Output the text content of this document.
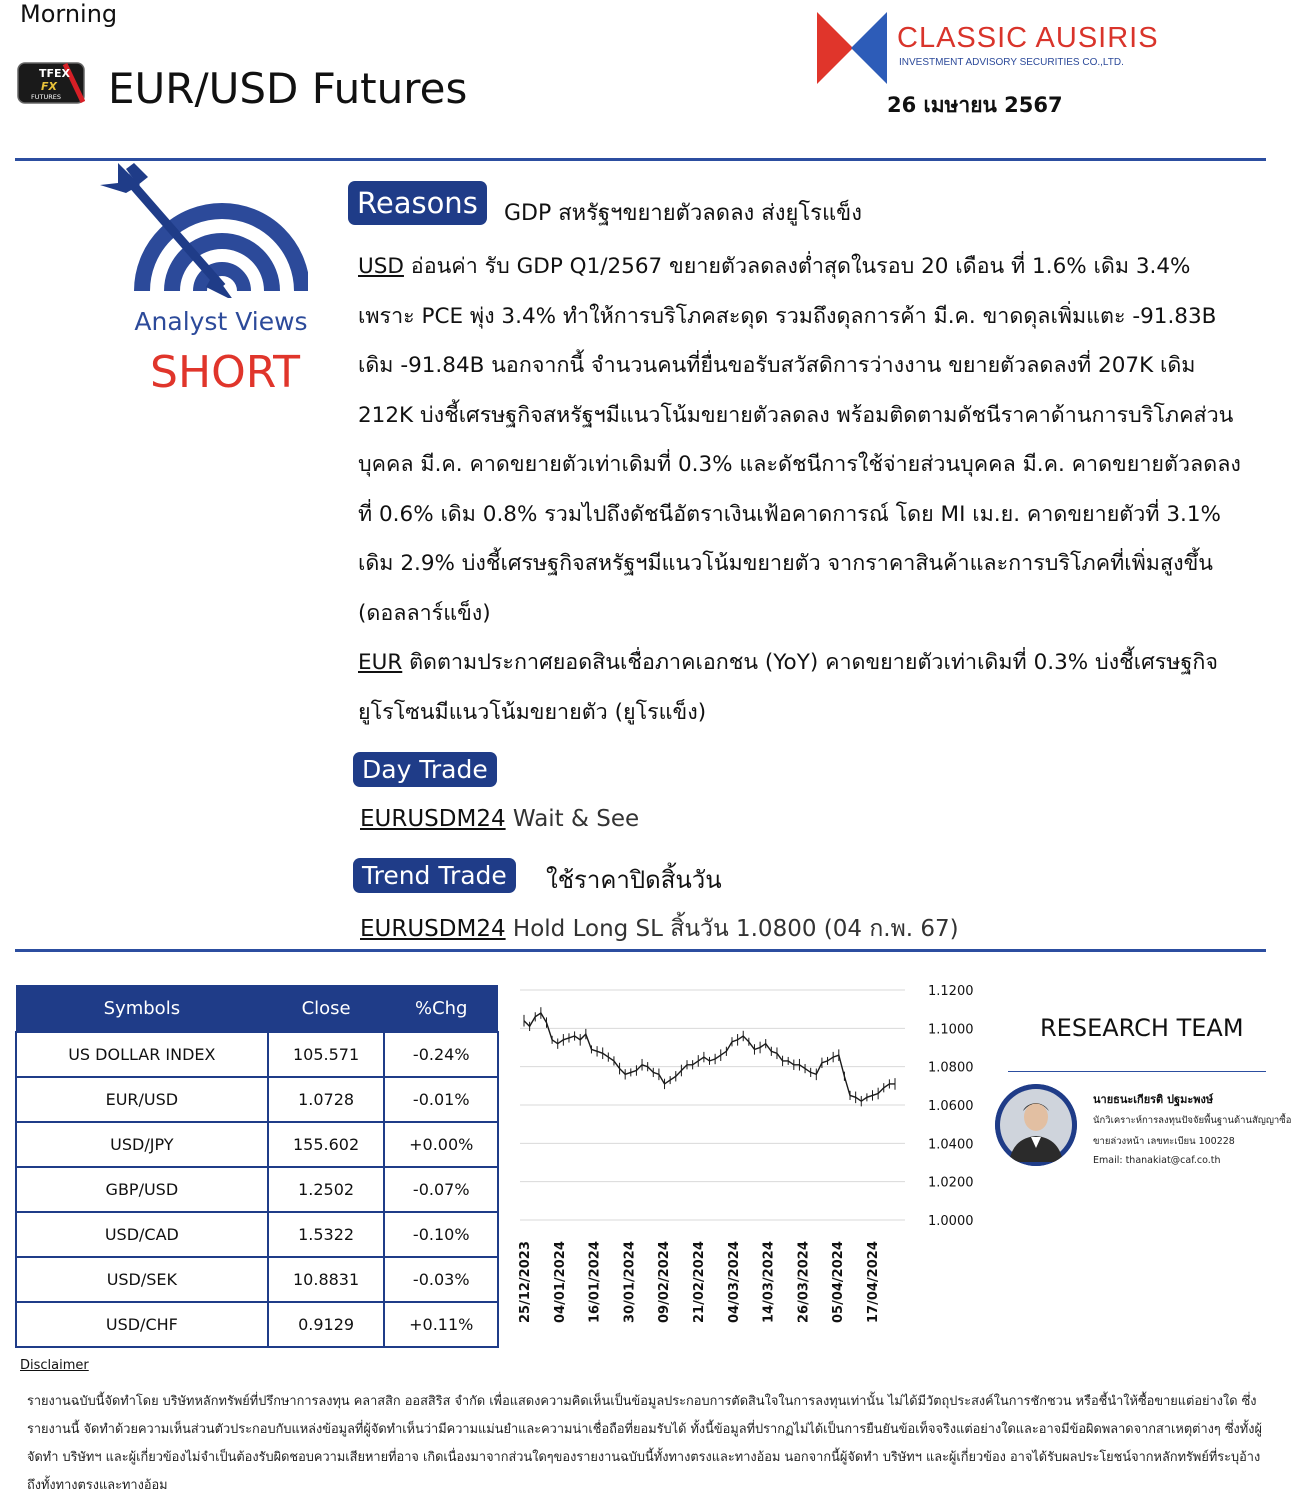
Morning
TFEX
FX
FUTURES EUR/USD Futures
CLASSIC AUSIRIS
INVESTMENT ADVISORY SECURITIES CO.,LTD.
26 เมษายน 2567
Analyst Views
SHORT
Reasons	GDP สหรัฐฯขยายตัวลดลง ส่งยูโรแข็ง

USD อ่อนค่า รับ GDP Q1/2567 ขยายตัวลดลงต่ำสุดในรอบ 20 เดือน ที่ 1.6% เดิม 3.4% เพราะ PCE พุ่ง 3.4% ทำให้การบริโภคสะดุด รวมถึงดุลการค้า มี.ค. ขาดดุลเพิ่มแตะ -91.83B เดิม -91.84B นอกจากนี้ จำนวนคนที่ยื่นขอรับสวัสดิการว่างงาน ขยายตัวลดลงที่ 207K เดิม 212K บ่งชี้เศรษฐกิจสหรัฐฯมีแนวโน้มขยายตัวลดลง พร้อมติดตามดัชนีราคาด้านการบริโภคส่วนบุคคล มี.ค. คาดขยายตัวเท่าเดิมที่ 0.3% และดัชนีการใช้จ่ายส่วนบุคคล มี.ค. คาดขยายตัวลดลงที่ 0.6% เดิม 0.8% รวมไปถึงดัชนีอัตราเงินเฟ้อคาดการณ์ โดย MI เม.ย. คาดขยายตัวที่ 3.1% เดิม 2.9% บ่งชี้เศรษฐกิจสหรัฐฯมีแนวโน้มขยายตัว จากราคาสินค้าและการบริโภคที่เพิ่มสูงขึ้น (ดอลลาร์แข็ง)

EUR ติดตามประกาศยอดสินเชื่อภาคเอกชน (YoY) คาดขยายตัวเท่าเดิมที่ 0.3% บ่งชี้เศรษฐกิจยูโรโซนมีแนวโน้มขยายตัว (ยูโรแข็ง)

Day Trade
EURUSDM24 Wait & See
Trend Trade	ใช้ราคาปิดสิ้นวัน
EURUSDM24 Hold Long SL สิ้นวัน 1.0800 (04 ก.พ. 67)
Symbols	Close	%Chg
US DOLLAR INDEX	105.571	-0.24%
EUR/USD	1.0728	-0.01%
USD/JPY	155.602	+0.00%
GBP/USD	1.2502	-0.07%
USD/CAD	1.5322	-0.10%
USD/SEK	10.8831	-0.03%
USD/CHF	0.9129	+0.11%
1.1200
1.1000
1.0800
1.0600
1.0400
1.0200
1.0000
25/12/2023 04/01/2024 16/01/2024 30/01/2024 09/02/2024 21/02/2024 04/03/2024 14/03/2024 26/03/2024 05/04/2024 17/04/2024
RESEARCH TEAM
นายธนะเกียรติ ปฐมะพงษ์
นักวิเคราะห์การลงทุนปัจจัยพื้นฐานด้านสัญญาซื้อ
ขายล่วงหน้า เลขทะเบียน 100228
Email: thanakiat@caf.co.th
Disclaimer

รายงานฉบับนี้จัดทำโดย บริษัทหลักทรัพย์ที่ปรึกษาการลงทุน คลาสสิก ออสสิริส จำกัด เพื่อแสดงความคิดเห็นเป็นข้อมูลประกอบการตัดสินใจในการลงทุนเท่านั้น ไม่ได้มีวัตถุประสงค์ในการชักชวน หรือชี้นำให้ซื้อขายแต่อย่างใด ซึ่งรายงานนี้ จัดทำด้วยความเห็นส่วนตัวประกอบกับแหล่งข้อมูลที่ผู้จัดทำเห็นว่ามีความแม่นยำและความน่าเชื่อถือที่ยอมรับได้ ทั้งนี้ข้อมูลที่ปรากฏไม่ได้เป็นการยืนยันข้อเท็จจริงแต่อย่างใดและอาจมีข้อผิดพลาดจากสาเหตุต่างๆ ซึ่งทั้งผู้จัดทำ บริษัทฯ และผู้เกี่ยวข้องไม่จำเป็นต้องรับผิดชอบความเสียหายที่อาจ เกิดเนื่องมาจากส่วนใดๆของรายงานฉบับนี้ทั้งทางตรงและทางอ้อม นอกจากนี้ผู้จัดทำ บริษัทฯ และผู้เกี่ยวข้อง อาจได้รับผลประโยชน์จากหลักทรัพย์ที่ระบุอ้างถึงทั้งทางตรงและทางอ้อม
